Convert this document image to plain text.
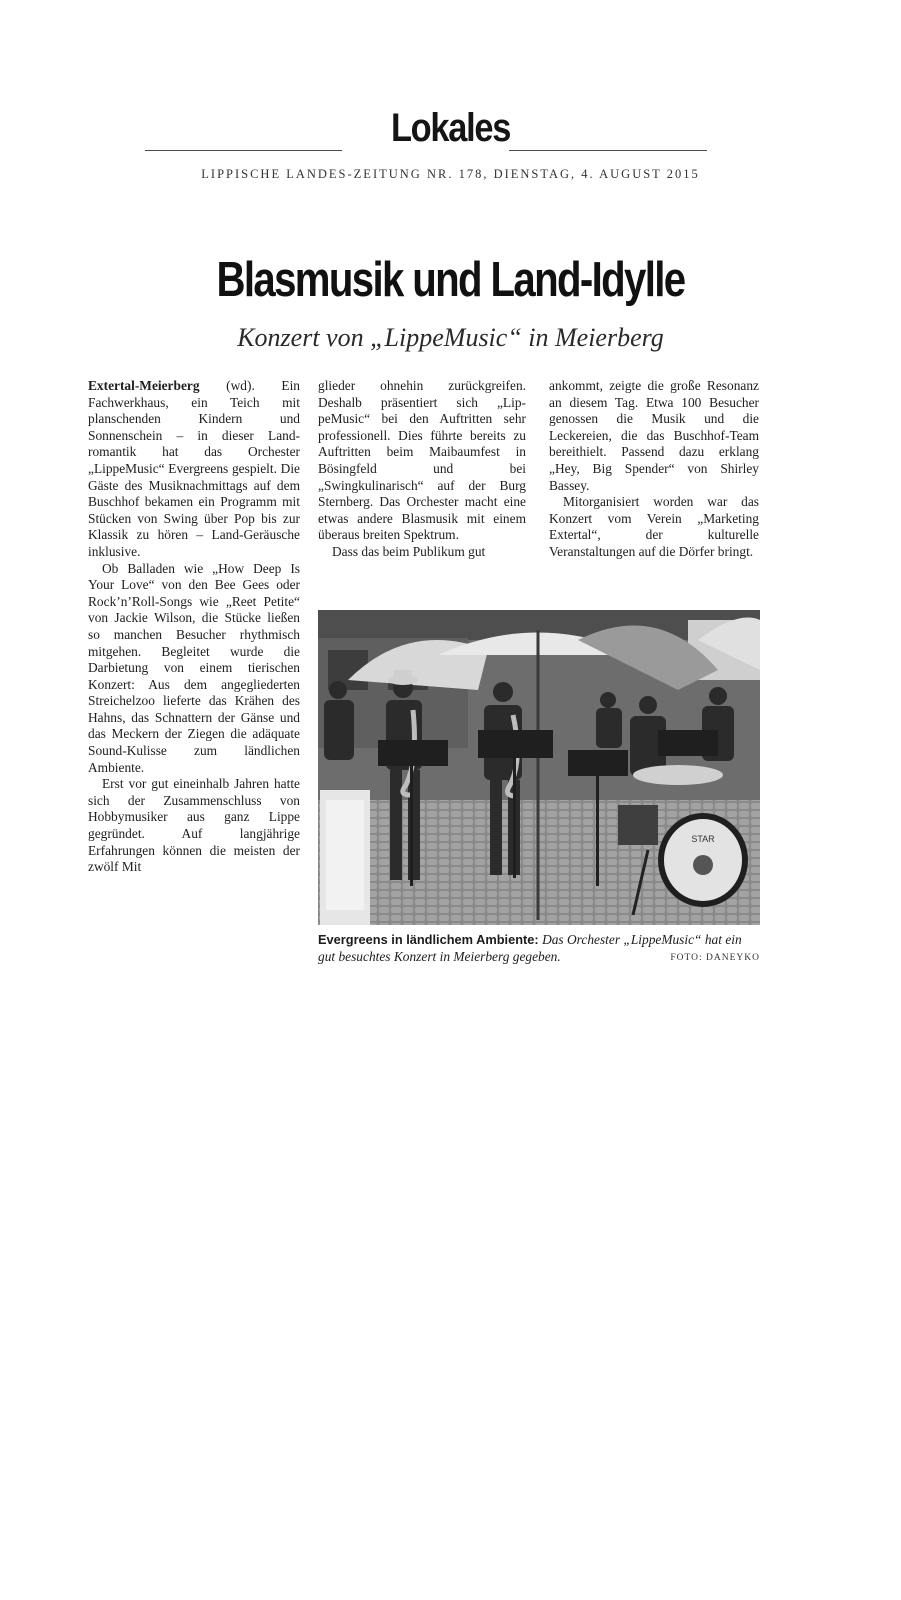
Lokales
LIPPISCHE LANDES-ZEITUNG NR. 178, DIENSTAG, 4. AUGUST 2015
Blasmusik und Land-Idylle
Konzert von „LippeMusic“ in Meierberg

Extertal-Meierberg (wd). Ein Fachwerkhaus, ein Teich mit planschenden Kindern und Sonnenschein – in dieser Landromantik hat das Orchester „LippeMusic“ Evergreens gespielt. Die Gäste des Musiknachmittags auf dem Buschhof bekamen ein Programm mit Stücken von Swing über Pop bis zur Klassik zu hören – Land-Geräusche inklusive.

Ob Balladen wie „How Deep Is Your Love“ von den Bee Gees oder Rock’n’Roll-Songs wie „Reet Petite“ von Jackie Wilson, die Stücke ließen so manchen Besucher rhythmisch mitgehen. Begleitet wurde die Darbietung von einem tierischen Konzert: Aus dem angegliederten Streichelzoo lieferte das Krähen des Hahns, das Schnattern der Gänse und das Meckern der Ziegen die adäquate Sound-Kulisse zum ländlichen Ambiente.

Erst vor gut eineinhalb Jahren hatte sich der Zusammenschluss von Hobbymusiker aus ganz Lippe gegründet. Auf langjährige Erfahrungen können die meisten der zwölf Mit

glieder ohnehin zurückgreifen. Deshalb präsentiert sich „LippeMusic“ bei den Auftritten sehr professionell. Dies führte bereits zu Auftritten beim Maibaumfest in Bösingfeld und bei „Swingkulinarisch“ auf der Burg Sternberg. Das Orchester macht eine etwas andere Blasmusik mit einem überaus breiten Spektrum.

Dass das beim Publikum gut

ankommt, zeigte die große Resonanz an diesem Tag. Etwa 100 Besucher genossen die Musik und die Leckereien, die das Buschhof-Team bereithielt. Passend dazu erklang „Hey, Big Spender“ von Shirley Bassey.

Mitorganisiert worden war das Konzert vom Verein „Marketing Extertal“, der kulturelle Veranstaltungen auf die Dörfer bringt.

STAR
Evergreens in ländlichem Ambiente: Das Orchester „LippeMusic“ hat ein gut besuchtes Konzert in Meierberg gegeben.	FOTO: DANEYKO
